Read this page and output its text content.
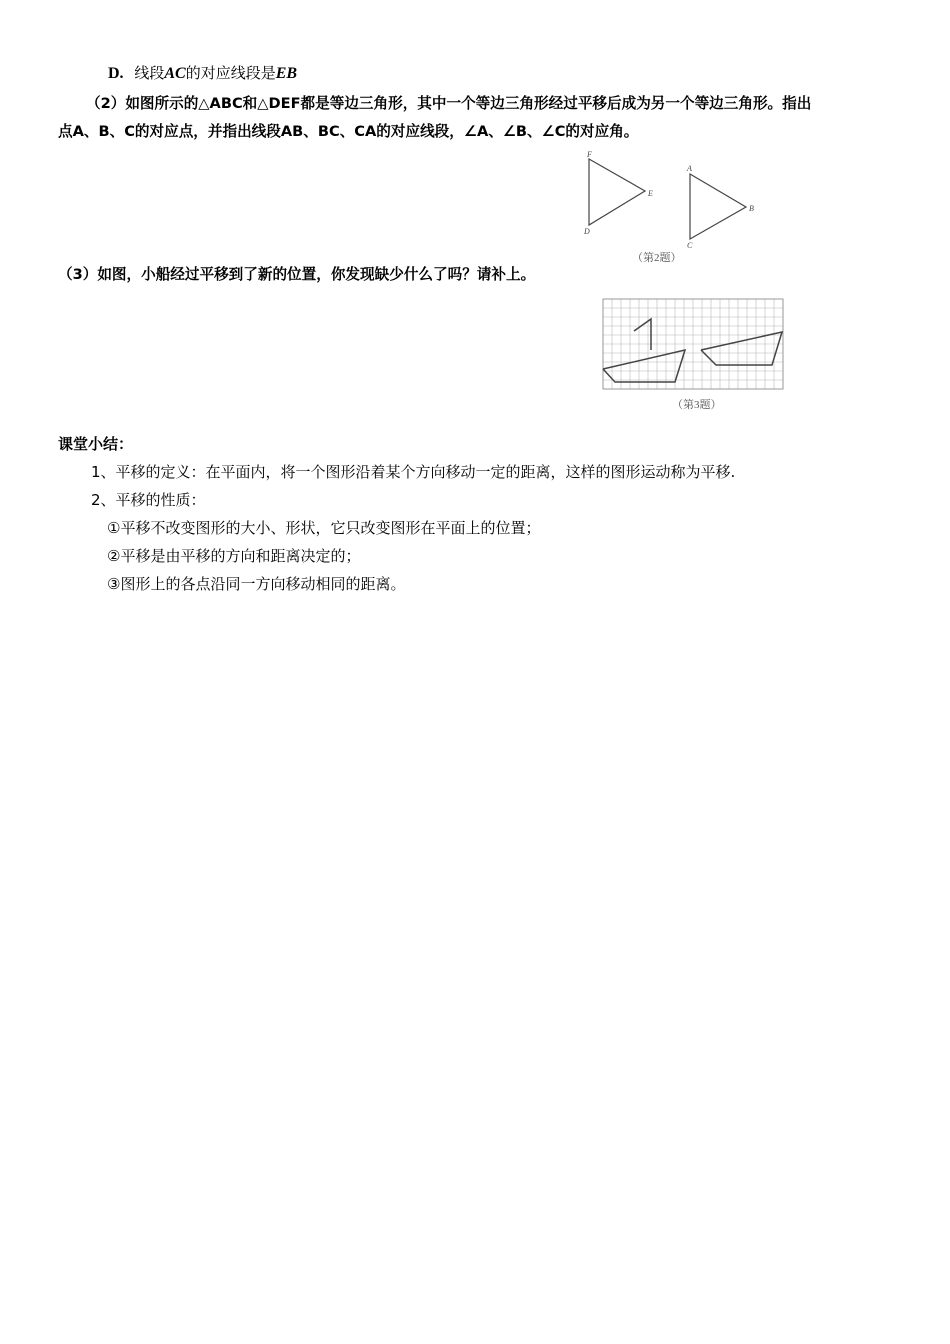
D. 线段AC的对应线段是EB
（2）如图所示的△ABC和△DEF都是等边三角形，其中一个等边三角形经过平移后成为另一个等边三角形。指出
点A、B、C的对应点，并指出线段AB、BC、CA的对应线段，∠A、∠B、∠C的对应角。
F
E
D
A
B
C
（第2题）
（3）如图，小船经过平移到了新的位置，你发现缺少什么了吗？请补上。
（第3题）
课堂小结：
1、平移的定义：在平面内，将一个图形沿着某个方向移动一定的距离，这样的图形运动称为平移.
2、平移的性质：
①平移不改变图形的大小、形状，它只改变图形在平面上的位置；
②平移是由平移的方向和距离决定的；
③图形上的各点沿同一方向移动相同的距离。
